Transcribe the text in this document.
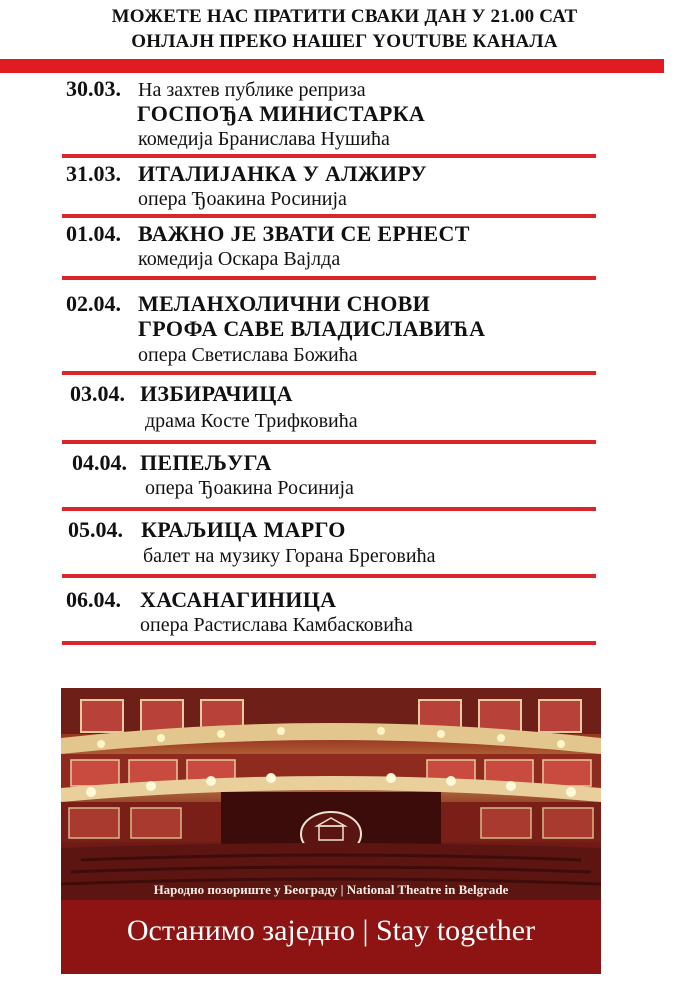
МОЖЕТЕ НАС ПРАТИТИ СВАКИ ДАН У 21.00 САТ
ОНЛАЈН ПРЕКО НАШЕГ YOUTUBE КАНАЛА
30.03. На захтев публике реприза
ГОСПОЂА МИНИСТАРКА
комедија Бранислава Нушића
31.03. ИТАЛИЈАНКА У АЛЖИРУ
опера Ђоакина Росинија
01.04. ВАЖНО ЈЕ ЗВАТИ СЕ ЕРНЕСТ
комедија Оскара Вајлда
02.04. МЕЛАНХОЛИЧНИ СНОВИ
ГРОФА САВЕ ВЛАДИСЛАВИЋА
опера Светислава Божића
03.04. ИЗБИРАЧИЦА
драма Косте Трифковића
04.04. ПЕПЕЉУГА
опера Ђоакина Росинија
05.04. КРАЉИЦА МАРГО
балет на музику Горана Бреговића
06.04. ХАСАНАГИНИЦА
опера Растислава Камбасковића
Народно позориште у Београду | National Theatre in Belgrade
Останимо заједно | Stay together
